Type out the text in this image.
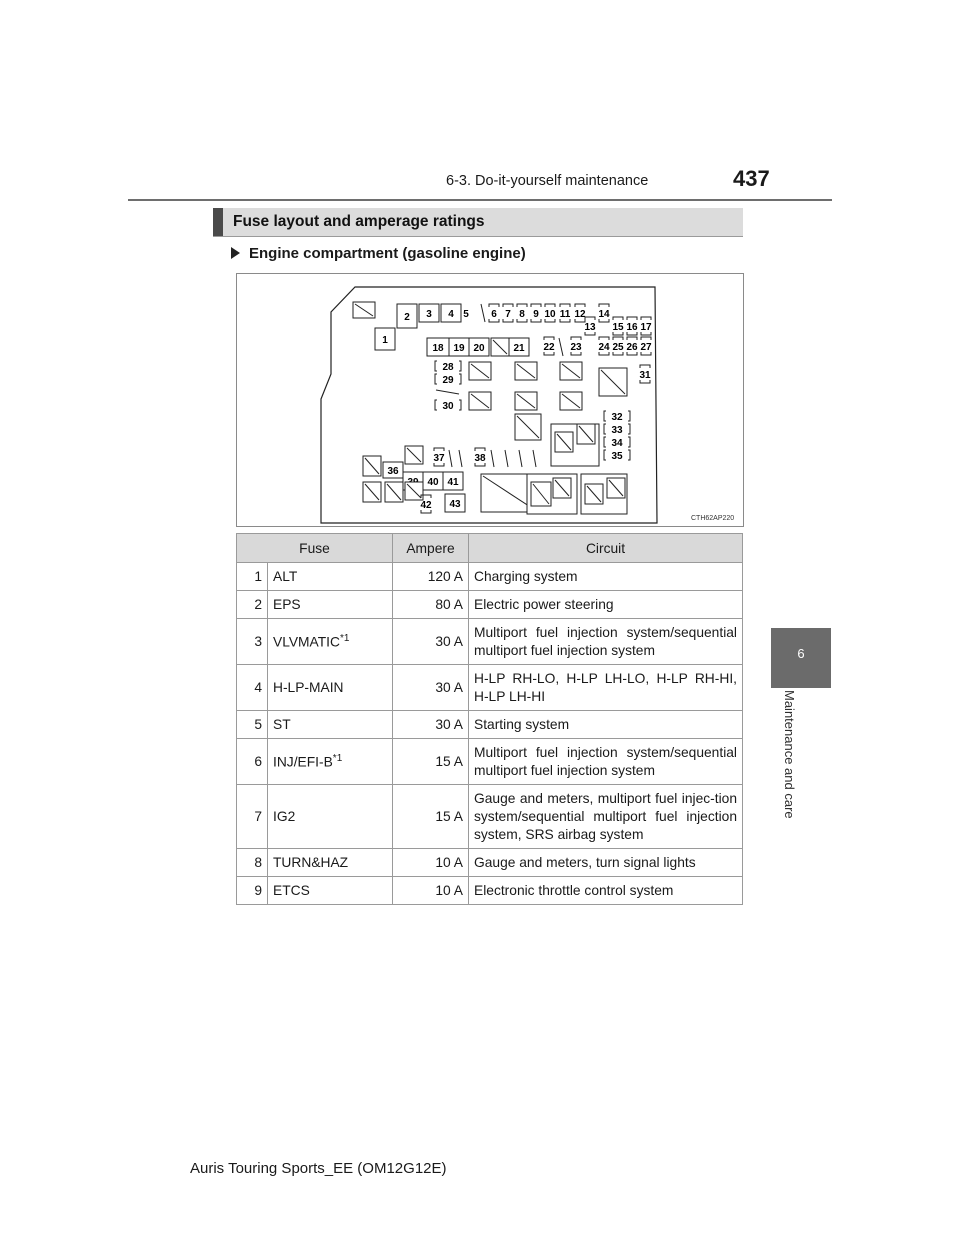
6-3. Do-it-yourself maintenance	437
6
Maintenance and care
Fuse layout and amperage ratings
Engine compartment (gasoline engine)
1
2 3 4 5 6 7 8 9 10 11 12
13
14
15 16 17
18 19 20	21 22 23 24 25 26 27
28
29
30
31
32
33
34
35
36
37	38
40 41
42 43
CTH62AP220
Fuse		Ampere	Circuit
1	ALT	120 A	Charging system
2	EPS	80 A	Electric power steering
3	VLVMATIC$^{*1}$	30 A	Multiport fuel injection system/sequential multiport fuel injection system
4	H-LP-MAIN	30 A	H-LP RH-LO, H-LP LH-LO, H-LP RH-HI, H-LP LH-HI
5	ST	30 A	Starting system
6	INJ/$EFI-B^{*1}$	15 A	Multiport fuel injection system/sequential multiport fuel injection system
7	IG2	15 A	Gauge and meters, multiport fuel injec-tion system/sequential multiport fuel injection system, SRS airbag system
8	TURN&HAZ	10 A	Gauge and meters, turn signal lights
9	ETCS	10 A	Electronic throttle control system
Auris Touring Sports_EE (OM12G12E)
